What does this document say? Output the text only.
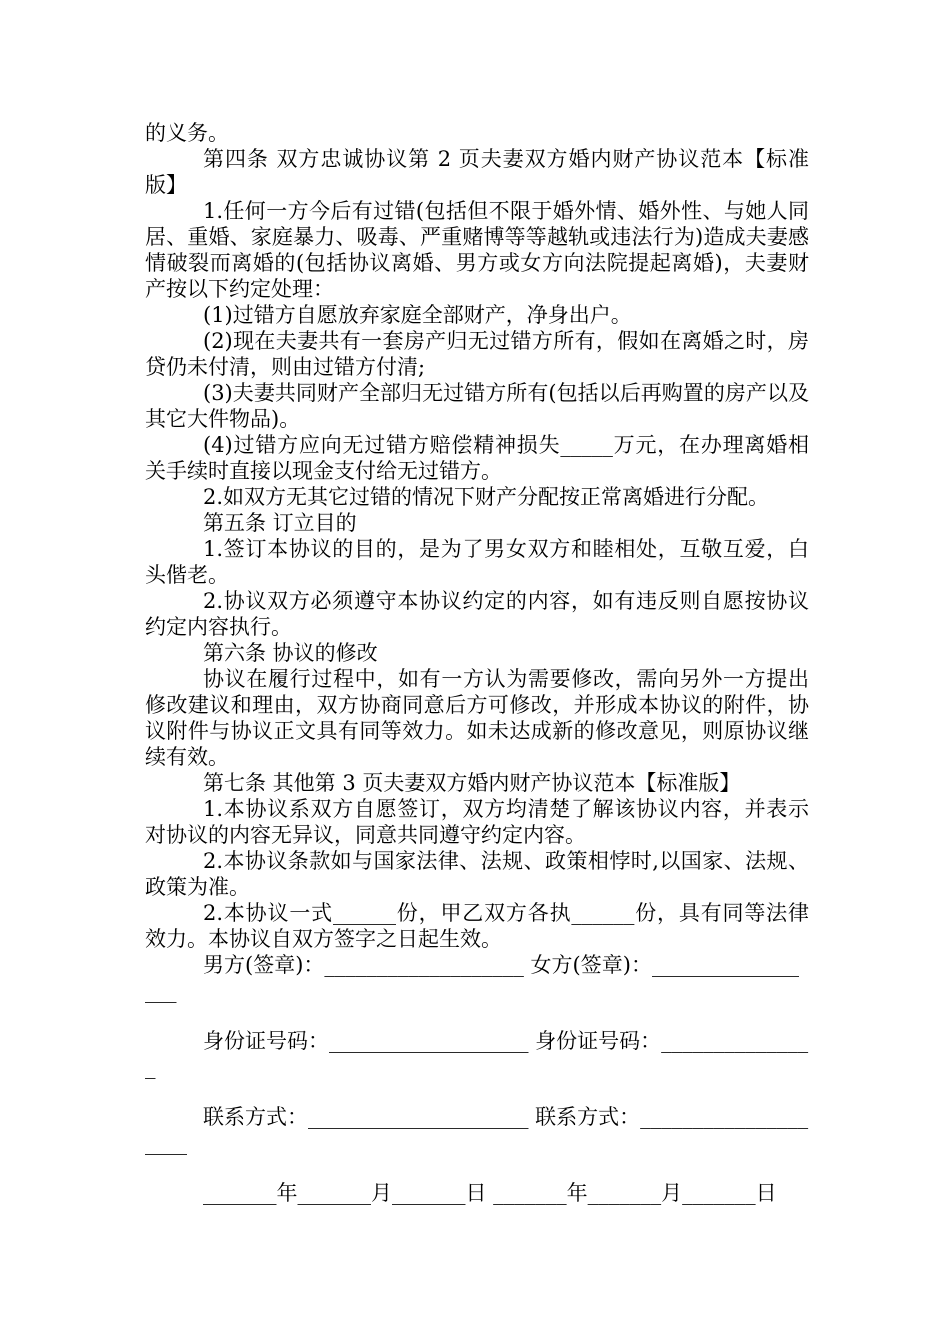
的义务。

第四条 双方忠诚协议第 2 页夫妻双方婚内财产协议范本【标准版】

1.任何一方今后有过错(包括但不限于婚外情、婚外性、与她人同居、重婚、家庭暴力、吸毒、严重赌博等等越轨或违法行为)造成夫妻感情破裂而离婚的(包括协议离婚、男方或女方向法院提起离婚)，夫妻财产按以下约定处理：

(1)过错方自愿放弃家庭全部财产，净身出户。

(2)现在夫妻共有一套房产归无过错方所有，假如在离婚之时，房贷仍未付清，则由过错方付清;

(3)夫妻共同财产全部归无过错方所有(包括以后再购置的房产以及其它大件物品)。

(4)过错方应向无过错方赔偿精神损失_____万元，在办理离婚相关手续时直接以现金支付给无过错方。

2.如双方无其它过错的情况下财产分配按正常离婚进行分配。

第五条 订立目的

1.签订本协议的目的，是为了男女双方和睦相处，互敬互爱，白头偕老。

2.协议双方必须遵守本协议约定的内容，如有违反则自愿按协议约定内容执行。

第六条 协议的修改

协议在履行过程中，如有一方认为需要修改，需向另外一方提出修改建议和理由，双方协商同意后方可修改，并形成本协议的附件，协议附件与协议正文具有同等效力。如未达成新的修改意见，则原协议继续有效。

第七条 其他第 3 页夫妻双方婚内财产协议范本【标准版】

1.本协议系双方自愿签订，双方均清楚了解该协议内容，并表示对协议的内容无异议，同意共同遵守约定内容。

2.本协议条款如与国家法律、法规、政策相悖时,以国家、法规、政策为准。

2.本协议一式______份，甲乙双方各执______份，具有同等法律效力。本协议自双方签字之日起生效。

男方(签章)：___________________ 女方(签章)：_________________

身份证号码：___________________ 身份证号码：_______________

联系方式：_____________________ 联系方式：____________________

_______年_______月_______日 _______年_______月_______日
